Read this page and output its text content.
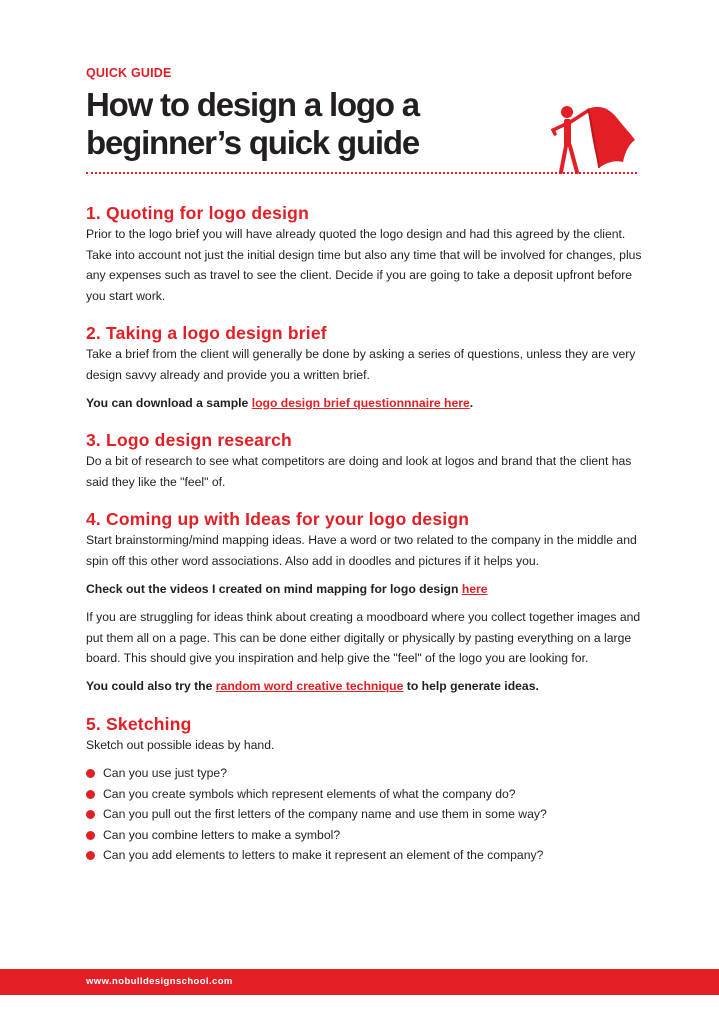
QUICK GUIDE
How to design a logo a beginner’s quick guide
1. Quoting for logo design

Prior to the logo brief you will have already quoted the logo design and had this agreed by the client. Take into account not just the initial design time but also any time that will be involved for changes, plus any expenses such as travel to see the client. Decide if you are going to take a deposit upfront before you start work.

2. Taking a logo design brief

Take a brief from the client will generally be done by asking a series of questions, unless they are very design savvy already and provide you a written brief.

You can download a sample logo design brief questionnnaire here.

3. Logo design research

Do a bit of research to see what competitors are doing and look at logos and brand that the client has said they like the "feel" of.

4. Coming up with Ideas for your logo design

Start brainstorming/mind mapping ideas. Have a word or two related to the company in the middle and spin off this other word associations. Also add in doodles and pictures if it helps you.

Check out the videos I created on mind mapping for logo design here

If you are struggling for ideas think about creating a moodboard where you collect together images and put them all on a page. This can be done either digitally or physically by pasting everything on a large board. This should give you inspiration and help give the "feel" of the logo you are looking for.

You could also try the random word creative technique to help generate ideas.

5. Sketching

Sketch out possible ideas by hand.

Can you use just type?
Can you create symbols which represent elements of what the company do?
Can you pull out the first letters of the company name and use them in some way?
Can you combine letters to make a symbol?
Can you add elements to letters to make it represent an element of the company?
www.nobulldesignschool.com
